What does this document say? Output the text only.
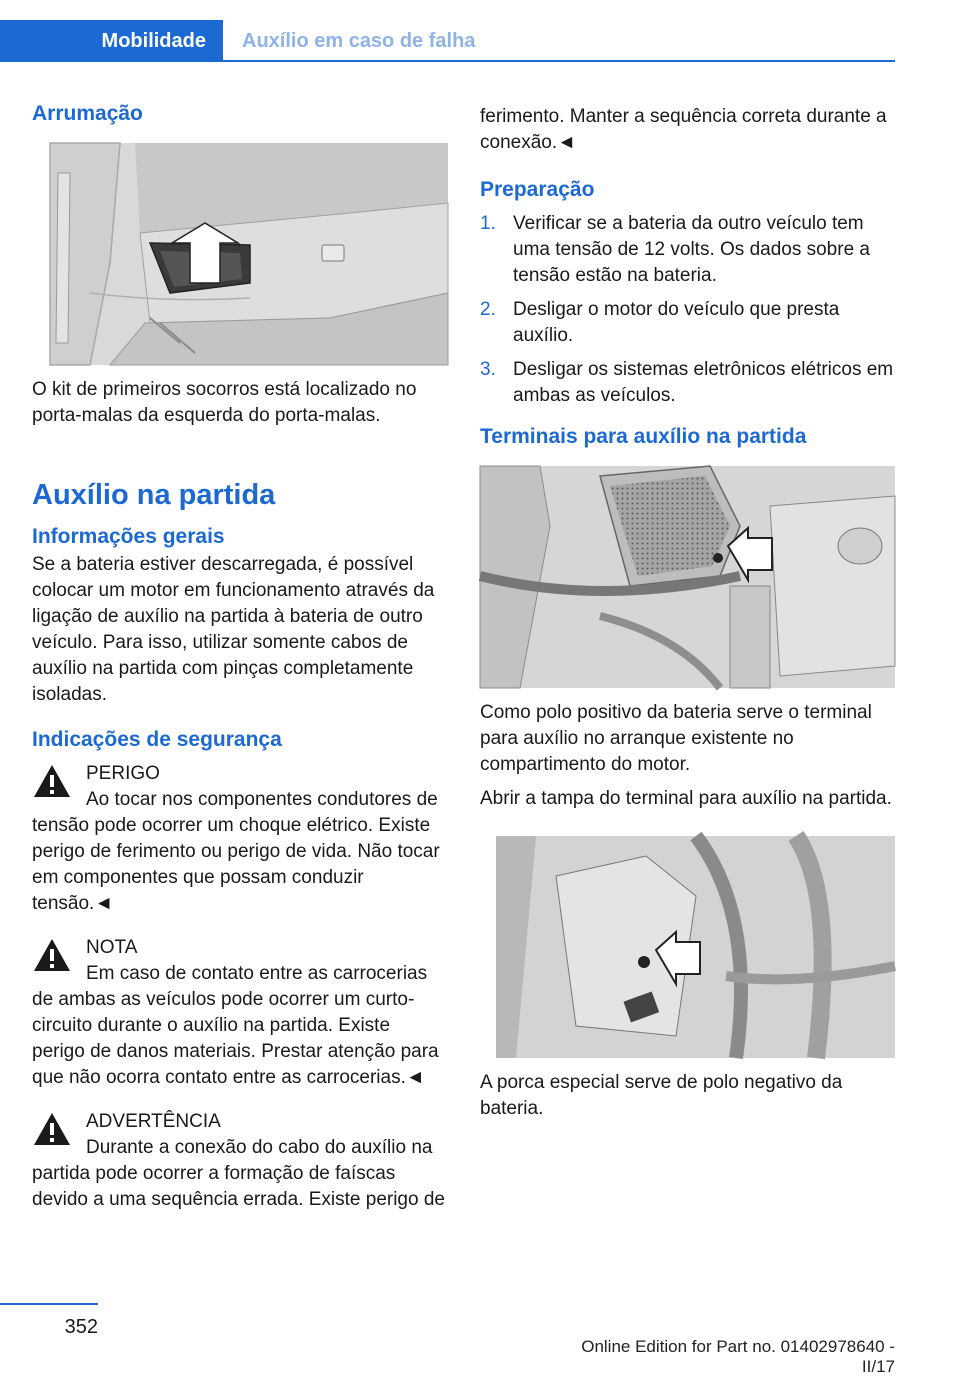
Mobilidade	Auxílio em caso de falha
Arrumação

O kit de primeiros socorros está localizado no porta-malas da esquerda do porta-malas.

Auxílio na partida
Informações gerais

Se a bateria estiver descarregada, é possível colocar um motor em funcionamento através da ligação de auxílio na partida à bateria de outro veículo. Para isso, utilizar somente cabos de auxílio na partida com pinças completamente isoladas.

Indicações de segurança
PERIGO

Ao tocar nos componentes condutores de tensão pode ocorrer um choque elétrico. Existe perigo de ferimento ou perigo de vida. Não tocar em componentes que possam conduzir tensão.◄

NOTA

Em caso de contato entre as carrocerias de ambas as veículos pode ocorrer um curto-circuito durante o auxílio na partida. Existe perigo de danos materiais. Prestar atenção para que não ocorra contato entre as carrocerias.◄

ADVERTÊNCIA

Durante a conexão do cabo do auxílio na partida pode ocorrer a formação de faíscas devido a uma sequência errada. Existe perigo de

ferimento. Manter a sequência correta durante a conexão.◄

Preparação
1. Verificar se a bateria da outro veículo tem uma tensão de 12 volts. Os dados sobre a tensão estão na bateria.
2. Desligar o motor do veículo que presta auxílio.
3. Desligar os sistemas eletrônicos elétricos em ambas as veículos.
Terminais para auxílio na partida

Como polo positivo da bateria serve o terminal para auxílio no arranque existente no compartimento do motor.

Abrir a tampa do terminal para auxílio na partida.

A porca especial serve de polo negativo da bateria.

352
Online Edition for Part no. 01402978640 - II/17
